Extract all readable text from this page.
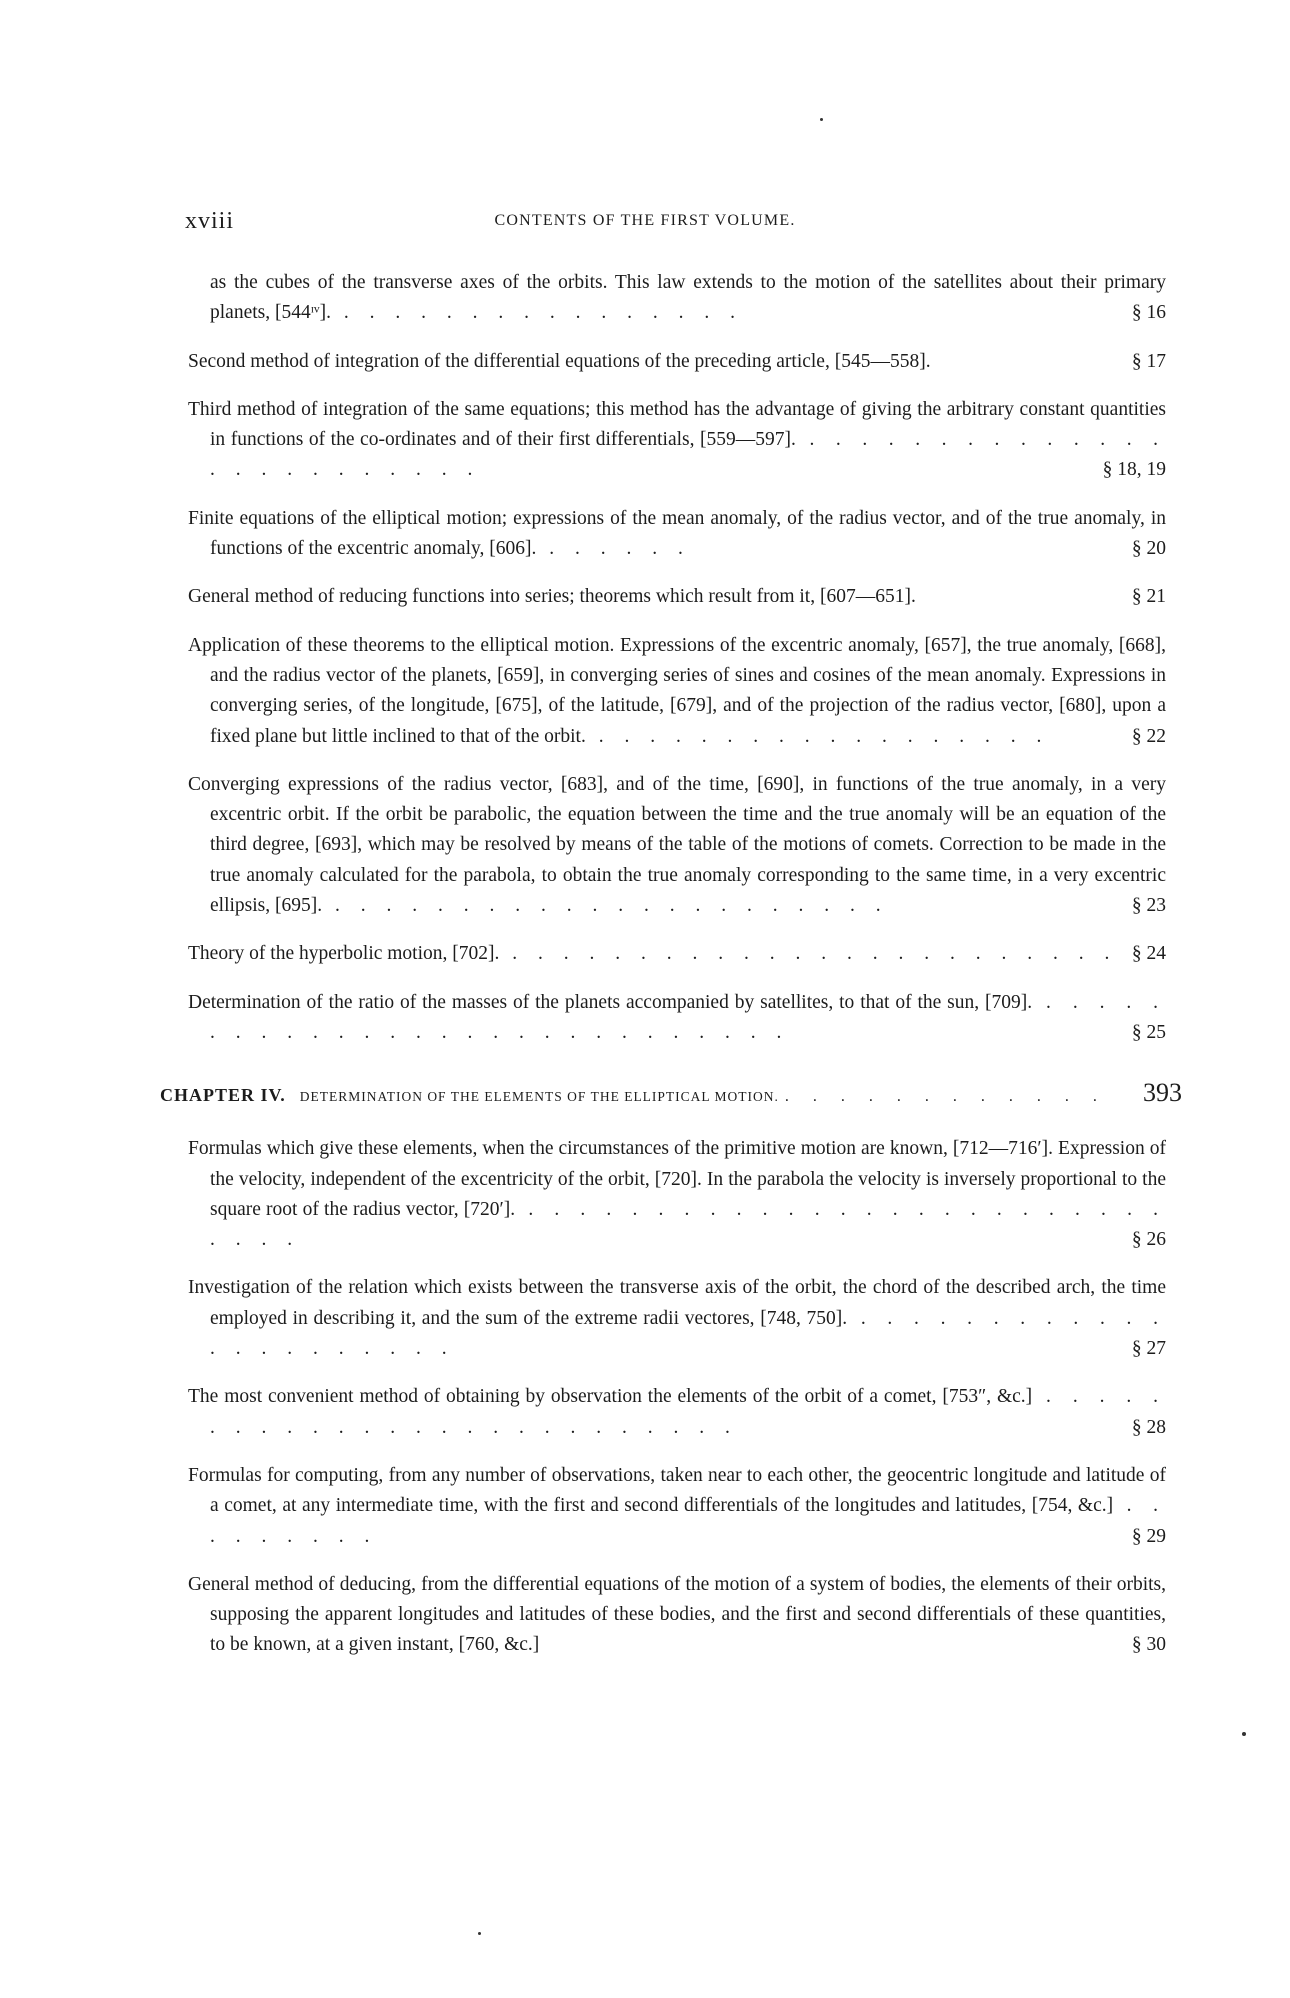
xviii	CONTENTS OF THE FIRST VOLUME.
as the cubes of the transverse axes of the orbits. This law extends to the motion of the satellites about their primary planets, [544ᶦᵛ]. . . . . . . . . . . . . . . . .	§ 16
Second method of integration of the differential equations of the preceding article, [545—558].	§ 17
Third method of integration of the same equations; this method has the advantage of giving the arbitrary constant quantities in functions of the co-ordinates and of their first differentials, [559—597]. . . . . . . . . . . . . . . . . . . . . . . . . .	§ 18, 19
Finite equations of the elliptical motion; expressions of the mean anomaly, of the radius vector, and of the true anomaly, in functions of the excentric anomaly, [606]. . . . . . .	§ 20
General method of reducing functions into series; theorems which result from it, [607—651].	§ 21
Application of these theorems to the elliptical motion. Expressions of the excentric anomaly, [657], the true anomaly, [668], and the radius vector of the planets, [659], in converging series of sines and cosines of the mean anomaly. Expressions in converging series, of the longitude, [675], of the latitude, [679], and of the projection of the radius vector, [680], upon a fixed plane but little inclined to that of the orbit. . . . . . . . . . . . . . . . . . .	§ 22
Converging expressions of the radius vector, [683], and of the time, [690], in functions of the true anomaly, in a very excentric orbit. If the orbit be parabolic, the equation between the time and the true anomaly will be an equation of the third degree, [693], which may be resolved by means of the table of the motions of comets. Correction to be made in the true anomaly calculated for the parabola, to obtain the true anomaly corresponding to the same time, in a very excentric ellipsis, [695]. . . . . . . . . . . . . . . . . . . . . . .	§ 23
Theory of the hyperbolic motion, [702]. . . . . . . . . . . . . . . . . . . . . . . . . § 24
Determination of the ratio of the masses of the planets accompanied by satellites, to that of the sun, [709]. . . . . . . . . . . . . . . . . . . . . . . . . . . . .	§ 25
CHAPTER IV. DETERMINATION OF THE ELEMENTS OF THE ELLIPTICAL MOTION. . . . . . . . . . . . .	393
Formulas which give these elements, when the circumstances of the primitive motion are known, [712—716′]. Expression of the velocity, independent of the excentricity of the orbit, [720]. In the parabola the velocity is inversely proportional to the square root of the radius vector, [720′]. . . . . . . . . . . . . . . . . . . . . . . . . . . . . .	§ 26
Investigation of the relation which exists between the transverse axis of the orbit, the chord of the described arch, the time employed in describing it, and the sum of the extreme radii vectores, [748, 750]. . . . . . . . . . . . . . . . . . . . . . .	§ 27
The most convenient method of obtaining by observation the elements of the orbit of a comet, [753″, &c.] . . . . . . . . . . . . . . . . . . . . . . . . . .	§ 28
Formulas for computing, from any number of observations, taken near to each other, the geocentric longitude and latitude of a comet, at any intermediate time, with the first and second differentials of the longitudes and latitudes, [754, &c.] . . . . . . . . .	§ 29
General method of deducing, from the differential equations of the motion of a system of bodies, the elements of their orbits, supposing the apparent longitudes and latitudes of these bodies, and the first and second differentials of these quantities, to be known, at a given instant, [760, &c.]	§ 30
